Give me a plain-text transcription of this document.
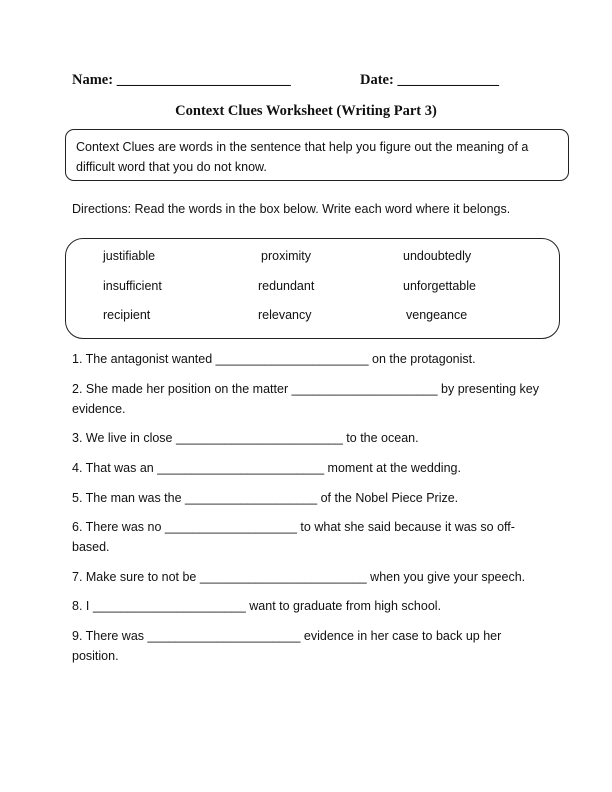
Name: ________________________	Date: ______________
Context Clues Worksheet (Writing Part 3)
Context Clues are words in the sentence that help you figure out the meaning of a difficult word that you do not know.
Directions: Read the words in the box below. Write each word where it belongs.
justifiable	proximity	undoubtedly
insufficient	redundant	unforgettable
recipient	relevancy	vengeance
1. The antagonist wanted ______________________ on the protagonist.
2. She made her position on the matter _____________________ by presenting key evidence.
3. We live in close ________________________ to the ocean.
4. That was an ________________________ moment at the wedding.
5. The man was the ___________________ of the Nobel Piece Prize.
6. There was no ___________________ to what she said because it was so off-based.
7. Make sure to not be ________________________ when you give your speech.
8. I ______________________ want to graduate from high school.
9. There was ______________________ evidence in her case to back up her position.
